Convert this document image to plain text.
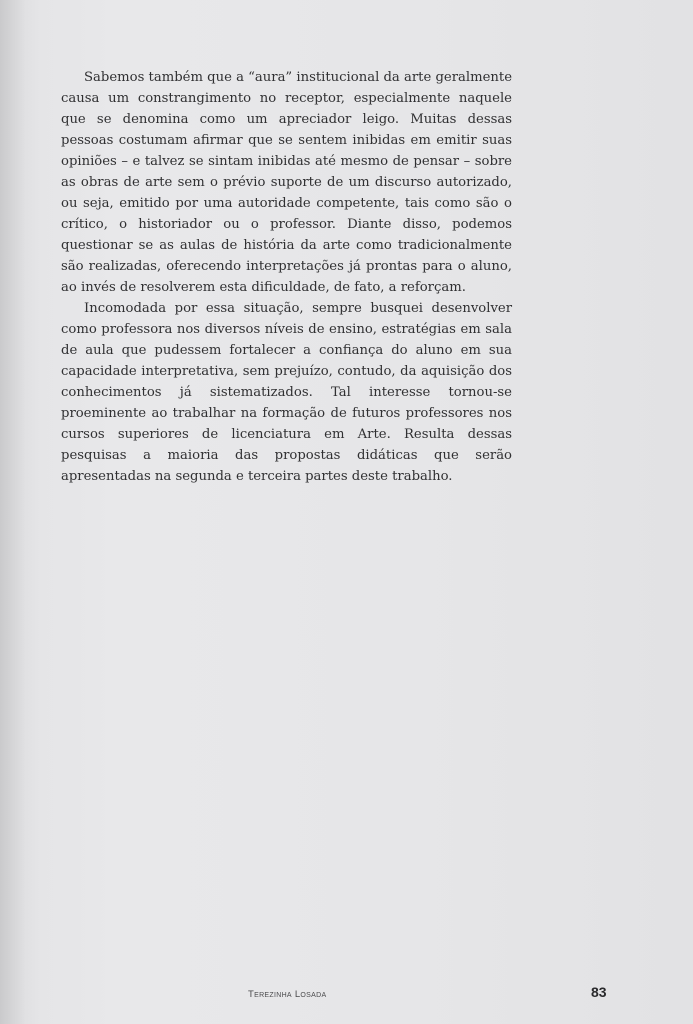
Sabemos também que a “aura” institucional da arte geralmente causa um constrangimento no receptor, especialmente naquele que se denomina como um apreciador leigo. Muitas dessas pessoas costumam afirmar que se sentem inibidas em emitir suas opiniões – e talvez se sintam inibidas até mesmo de pensar – sobre as obras de arte sem o prévio suporte de um discurso autorizado, ou seja, emitido por uma autoridade competente, tais como são o crítico, o historiador ou o professor. Diante disso, podemos questionar se as aulas de história da arte como tradicionalmente são realizadas, oferecendo interpretações já prontas para o aluno, ao invés de resolverem esta dificuldade, de fato, a reforçam.

Incomodada por essa situação, sempre busquei desenvolver como professora nos diversos níveis de ensino, estratégias em sala de aula que pudessem fortalecer a confiança do aluno em sua capacidade interpretativa, sem prejuízo, contudo, da aquisição dos conhecimentos já sistematizados. Tal interesse tornou-se proeminente ao trabalhar na formação de futuros professores nos cursos superiores de licenciatura em Arte. Resulta dessas pesquisas a maioria das propostas didáticas que serão apresentadas na segunda e terceira partes deste trabalho.

Terezinha Losada	83
